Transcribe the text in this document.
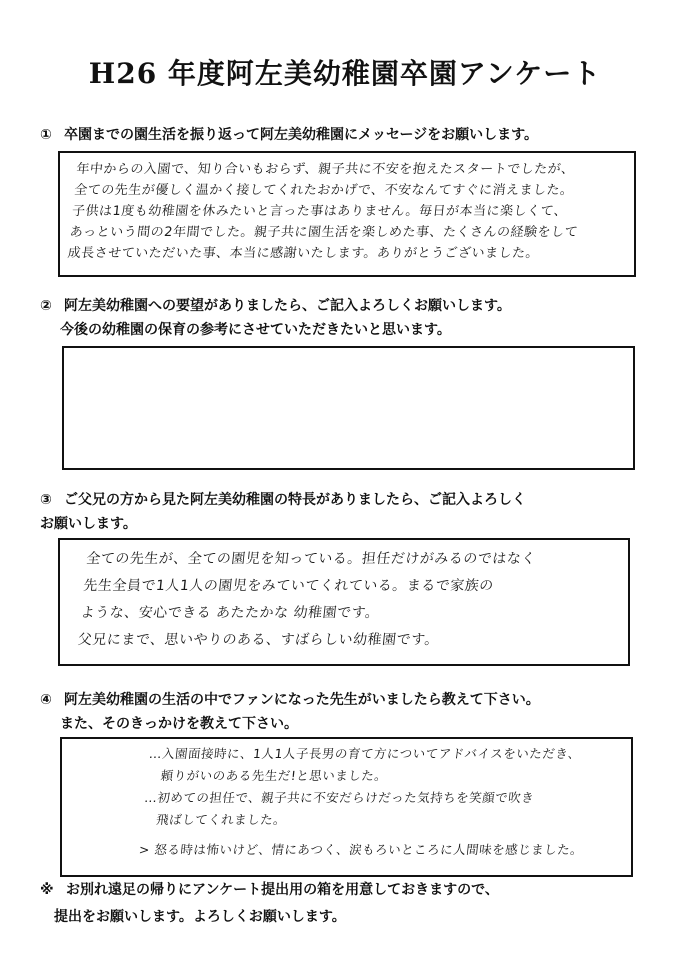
H26 年度阿左美幼稚園卒園アンケート
① 卒園までの園生活を振り返って阿左美幼稚園にメッセージをお願いします。
年中からの入園で、知り合いもおらず、親子共に不安を抱えたスタートでしたが、
全ての先生が優しく温かく接してくれたおかげで、不安なんてすぐに消えました。
子供は1度も幼稚園を休みたいと言った事はありません。毎日が本当に楽しくて、
あっという間の2年間でした。親子共に園生活を楽しめた事、たくさんの経験をして
成長させていただいた事、本当に感謝いたします。ありがとうございました。
② 阿左美幼稚園への要望がありましたら、ご記入よろしくお願いします。
今後の幼稚園の保育の参考にさせていただきたいと思います。
③ ご父兄の方から見た阿左美幼稚園の特長がありましたら、ご記入よろしく
お願いします。
全ての先生が、全ての園児を知っている。担任だけがみるのではなく
先生全員で1人1人の園児をみていてくれている。まるで家族の
ような、安心できる あたたかな 幼稚園です。
父兄にまで、思いやりのある、すばらしい幼稚園です。
④ 阿左美幼稚園の生活の中でファンになった先生がいましたら教えて下さい。
また、そのきっかけを教えて下さい。
…入園面接時に、1人1人子長男の育て方についてアドバイスをいただき、
頼りがいのある先生だ!と思いました。
…初めての担任で、親子共に不安だらけだった気持ちを笑顔で吹き
飛ばしてくれました。
> 怒る時は怖いけど、情にあつく、涙もろいところに人間味を感じました。
※ お別れ遠足の帰りにアンケート提出用の箱を用意しておきますので、
提出をお願いします。よろしくお願いします。
